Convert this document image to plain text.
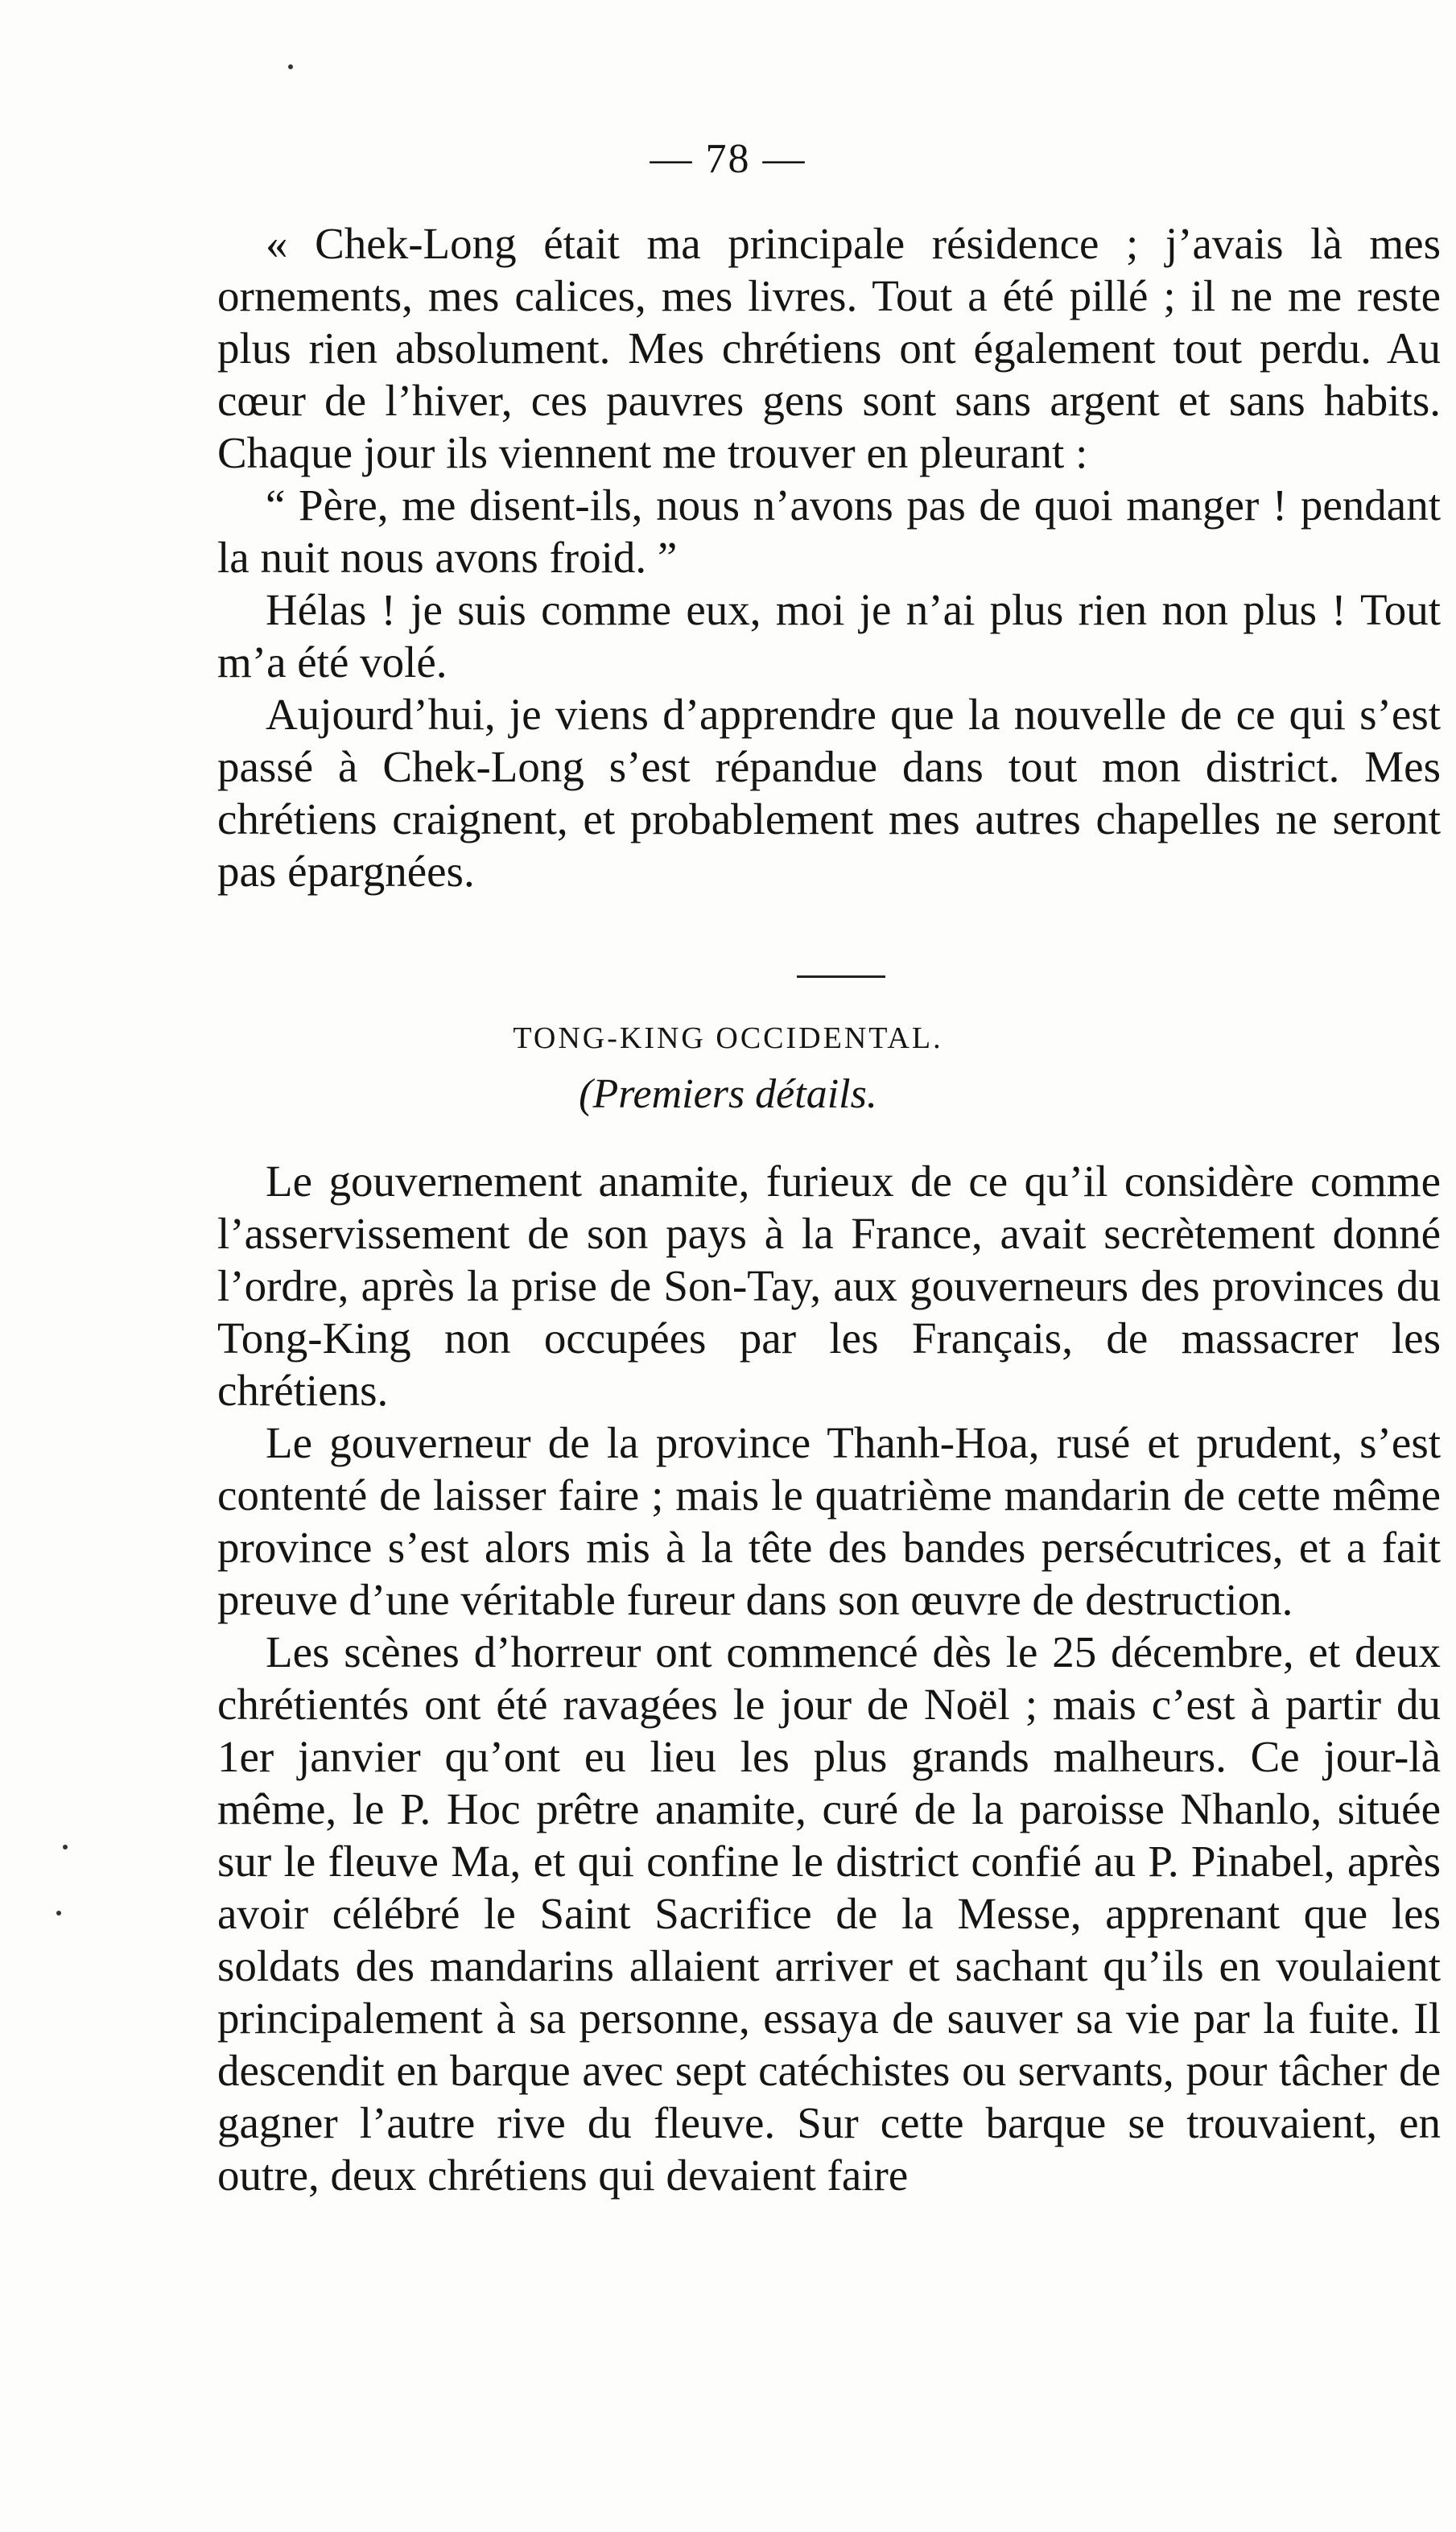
— 78 —

« Chek-Long était ma principale résidence ; j’avais là mes ornements, mes calices, mes livres. Tout a été pillé ; il ne me reste plus rien absolument. Mes chrétiens ont également tout perdu. Au cœur de l’hiver, ces pauvres gens sont sans argent et sans habits. Chaque jour ils viennent me trouver en pleurant :

“ Père, me disent-ils, nous n’avons pas de quoi manger ! pendant la nuit nous avons froid. ”

Hélas ! je suis comme eux, moi je n’ai plus rien non plus ! Tout m’a été volé.

Aujourd’hui, je viens d’apprendre que la nouvelle de ce qui s’est passé à Chek-Long s’est répandue dans tout mon district. Mes chrétiens craignent, et probablement mes autres chapelles ne seront pas épargnées.

TONG-KING OCCIDENTAL.
(Premiers détails.

Le gouvernement anamite, furieux de ce qu’il considère comme l’asservissement de son pays à la France, avait secrètement donné l’ordre, après la prise de Son-Tay, aux gouverneurs des provinces du Tong-King non occupées par les Français, de massacrer les chrétiens.

Le gouverneur de la province Thanh-Hoa, rusé et prudent, s’est contenté de laisser faire ; mais le quatrième mandarin de cette même province s’est alors mis à la tête des bandes persécutrices, et a fait preuve d’une véritable fureur dans son œuvre de destruction.

Les scènes d’horreur ont commencé dès le 25 décembre, et deux chrétientés ont été ravagées le jour de Noël ; mais c’est à partir du 1er janvier qu’ont eu lieu les plus grands malheurs. Ce jour-là même, le P. Hoc prêtre anamite, curé de la paroisse Nhanlo, située sur le fleuve Ma, et qui confine le district confié au P. Pinabel, après avoir célébré le Saint Sacrifice de la Messe, apprenant que les soldats des mandarins allaient arriver et sachant qu’ils en voulaient principalement à sa personne, essaya de sauver sa vie par la fuite. Il descendit en barque avec sept catéchistes ou servants, pour tâcher de gagner l’autre rive du fleuve. Sur cette barque se trouvaient, en outre, deux chrétiens qui devaient faire
